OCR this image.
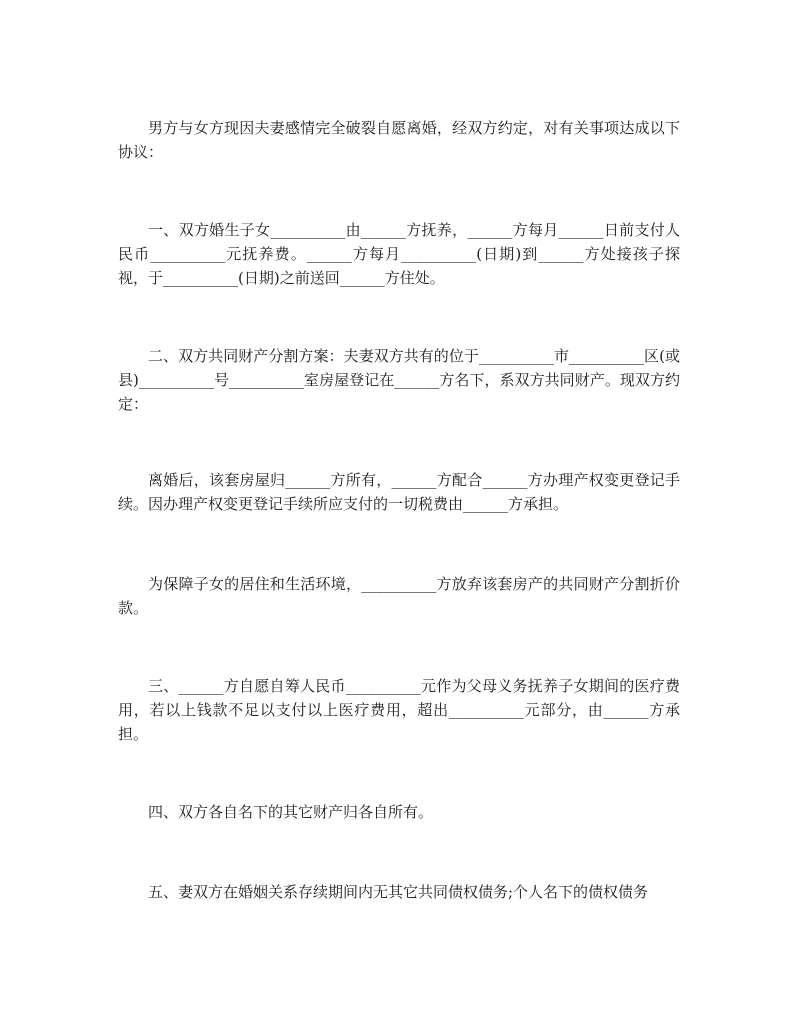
男方与女方现因夫妻感情完全破裂自愿离婚，经双方约定，对有关事项达成以下协议：

一、双方婚生子女__________由______方抚养，______方每月______日前支付人民币__________元抚养费。______方每月__________(日期)到______方处接孩子探视，于__________(日期)之前送回______方住处。

二、双方共同财产分割方案：夫妻双方共有的位于__________市__________区(或县)__________号__________室房屋登记在______方名下，系双方共同财产。现双方约定：

离婚后，该套房屋归______方所有，______方配合______方办理产权变更登记手续。因办理产权变更登记手续所应支付的一切税费由______方承担。

为保障子女的居住和生活环境，__________方放弃该套房产的共同财产分割折价款。

三、______方自愿自筹人民币__________元作为父母义务抚养子女期间的医疗费用，若以上钱款不足以支付以上医疗费用，超出__________元部分，由______方承担。

四、双方各自名下的其它财产归各自所有。

五、妻双方在婚姻关系存续期间内无其它共同债权债务;个人名下的债权债务
